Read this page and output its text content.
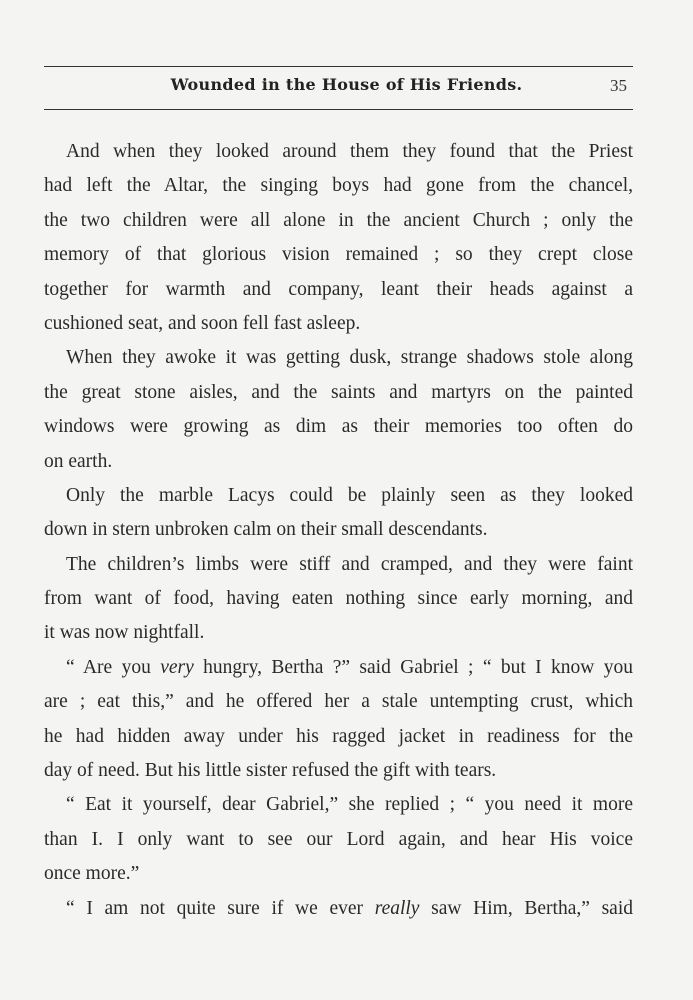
Wounded in the House of His Friends.	35
And when they looked around them they found that the Priest
had left the Altar, the singing boys had gone from the chancel,
the two children were all alone in the ancient Church ; only the
memory of that glorious vision remained ; so they crept close
together for warmth and company, leant their heads against a
cushioned seat, and soon fell fast asleep.
When they awoke it was getting dusk, strange shadows stole along
the great stone aisles, and the saints and martyrs on the painted
windows were growing as dim as their memories too often do
on earth.
Only the marble Lacys could be plainly seen as they looked
down in stern unbroken calm on their small descendants.
The children’s limbs were stiff and cramped, and they were faint
from want of food, having eaten nothing since early morning, and
it was now nightfall.
“ Are you very hungry, Bertha ?” said Gabriel ; “ but I know you
are ; eat this,” and he offered her a stale untempting crust, which
he had hidden away under his ragged jacket in readiness for the
day of need. But his little sister refused the gift with tears.
“ Eat it yourself, dear Gabriel,” she replied ; “ you need it more
than I. I only want to see our Lord again, and hear His voice
once more.”
“ I am not quite sure if we ever really saw Him, Bertha,” said
